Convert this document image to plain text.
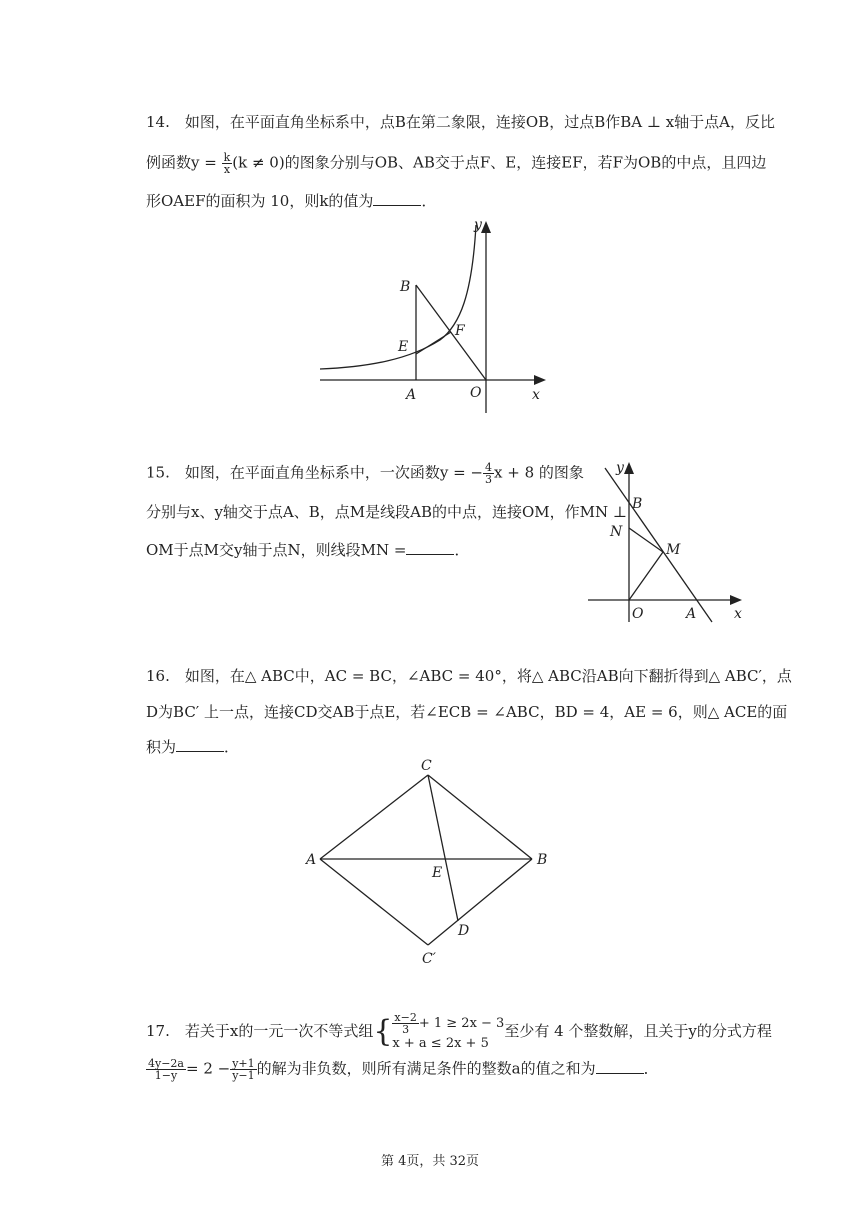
14.　如图，在平面直角坐标系中，点B在第二象限，连接OB，过点B作BA ⊥ x轴于点A，反比
例函数$y = \frac{k}{x} (k \ne 0)$的图象分别与OB、AB交于点F、E，连接EF，若F为OB的中点，且四边
形OAEF的面积为 10，则k的值为	．
B
E
F
A	O	x
y
15.　如图，在平面直角坐标系中，一次函数y = − $\frac{4}{3}$ x + 8 的图象
分别与x、y轴交于点A、B，点M是线段AB的中点，连接OM，作MN ⊥
OM于点M交y轴于点N，则线段MN =	．
y
B
N
M
O	A	x
16.　如图，在△ ABC中，AC = BC，∠ABC = 40°，将△ ABC沿AB向下翻折得到△ ABC′，点
D为BC′ 上一点，连接CD交AB于点E，若∠ECB = ∠ABC，BD = 4，AE = 6，则△ ACE的面
积为	．
C
A	B
E
D
C′
17.　若关于x的一元一次不等式组{ $\frac{x-2}{3} + 1 \ge 2x - 3$
x + a ≤ 2x + 5
至少有 4 个整数解，且关于y的分式方程
$\frac{4y-2a}{1-y} = 2 - \frac{y+1}{y-1}$ 的解为非负数，则所有满足条件的整数a的值之和为	．
第 4页，共 32页
